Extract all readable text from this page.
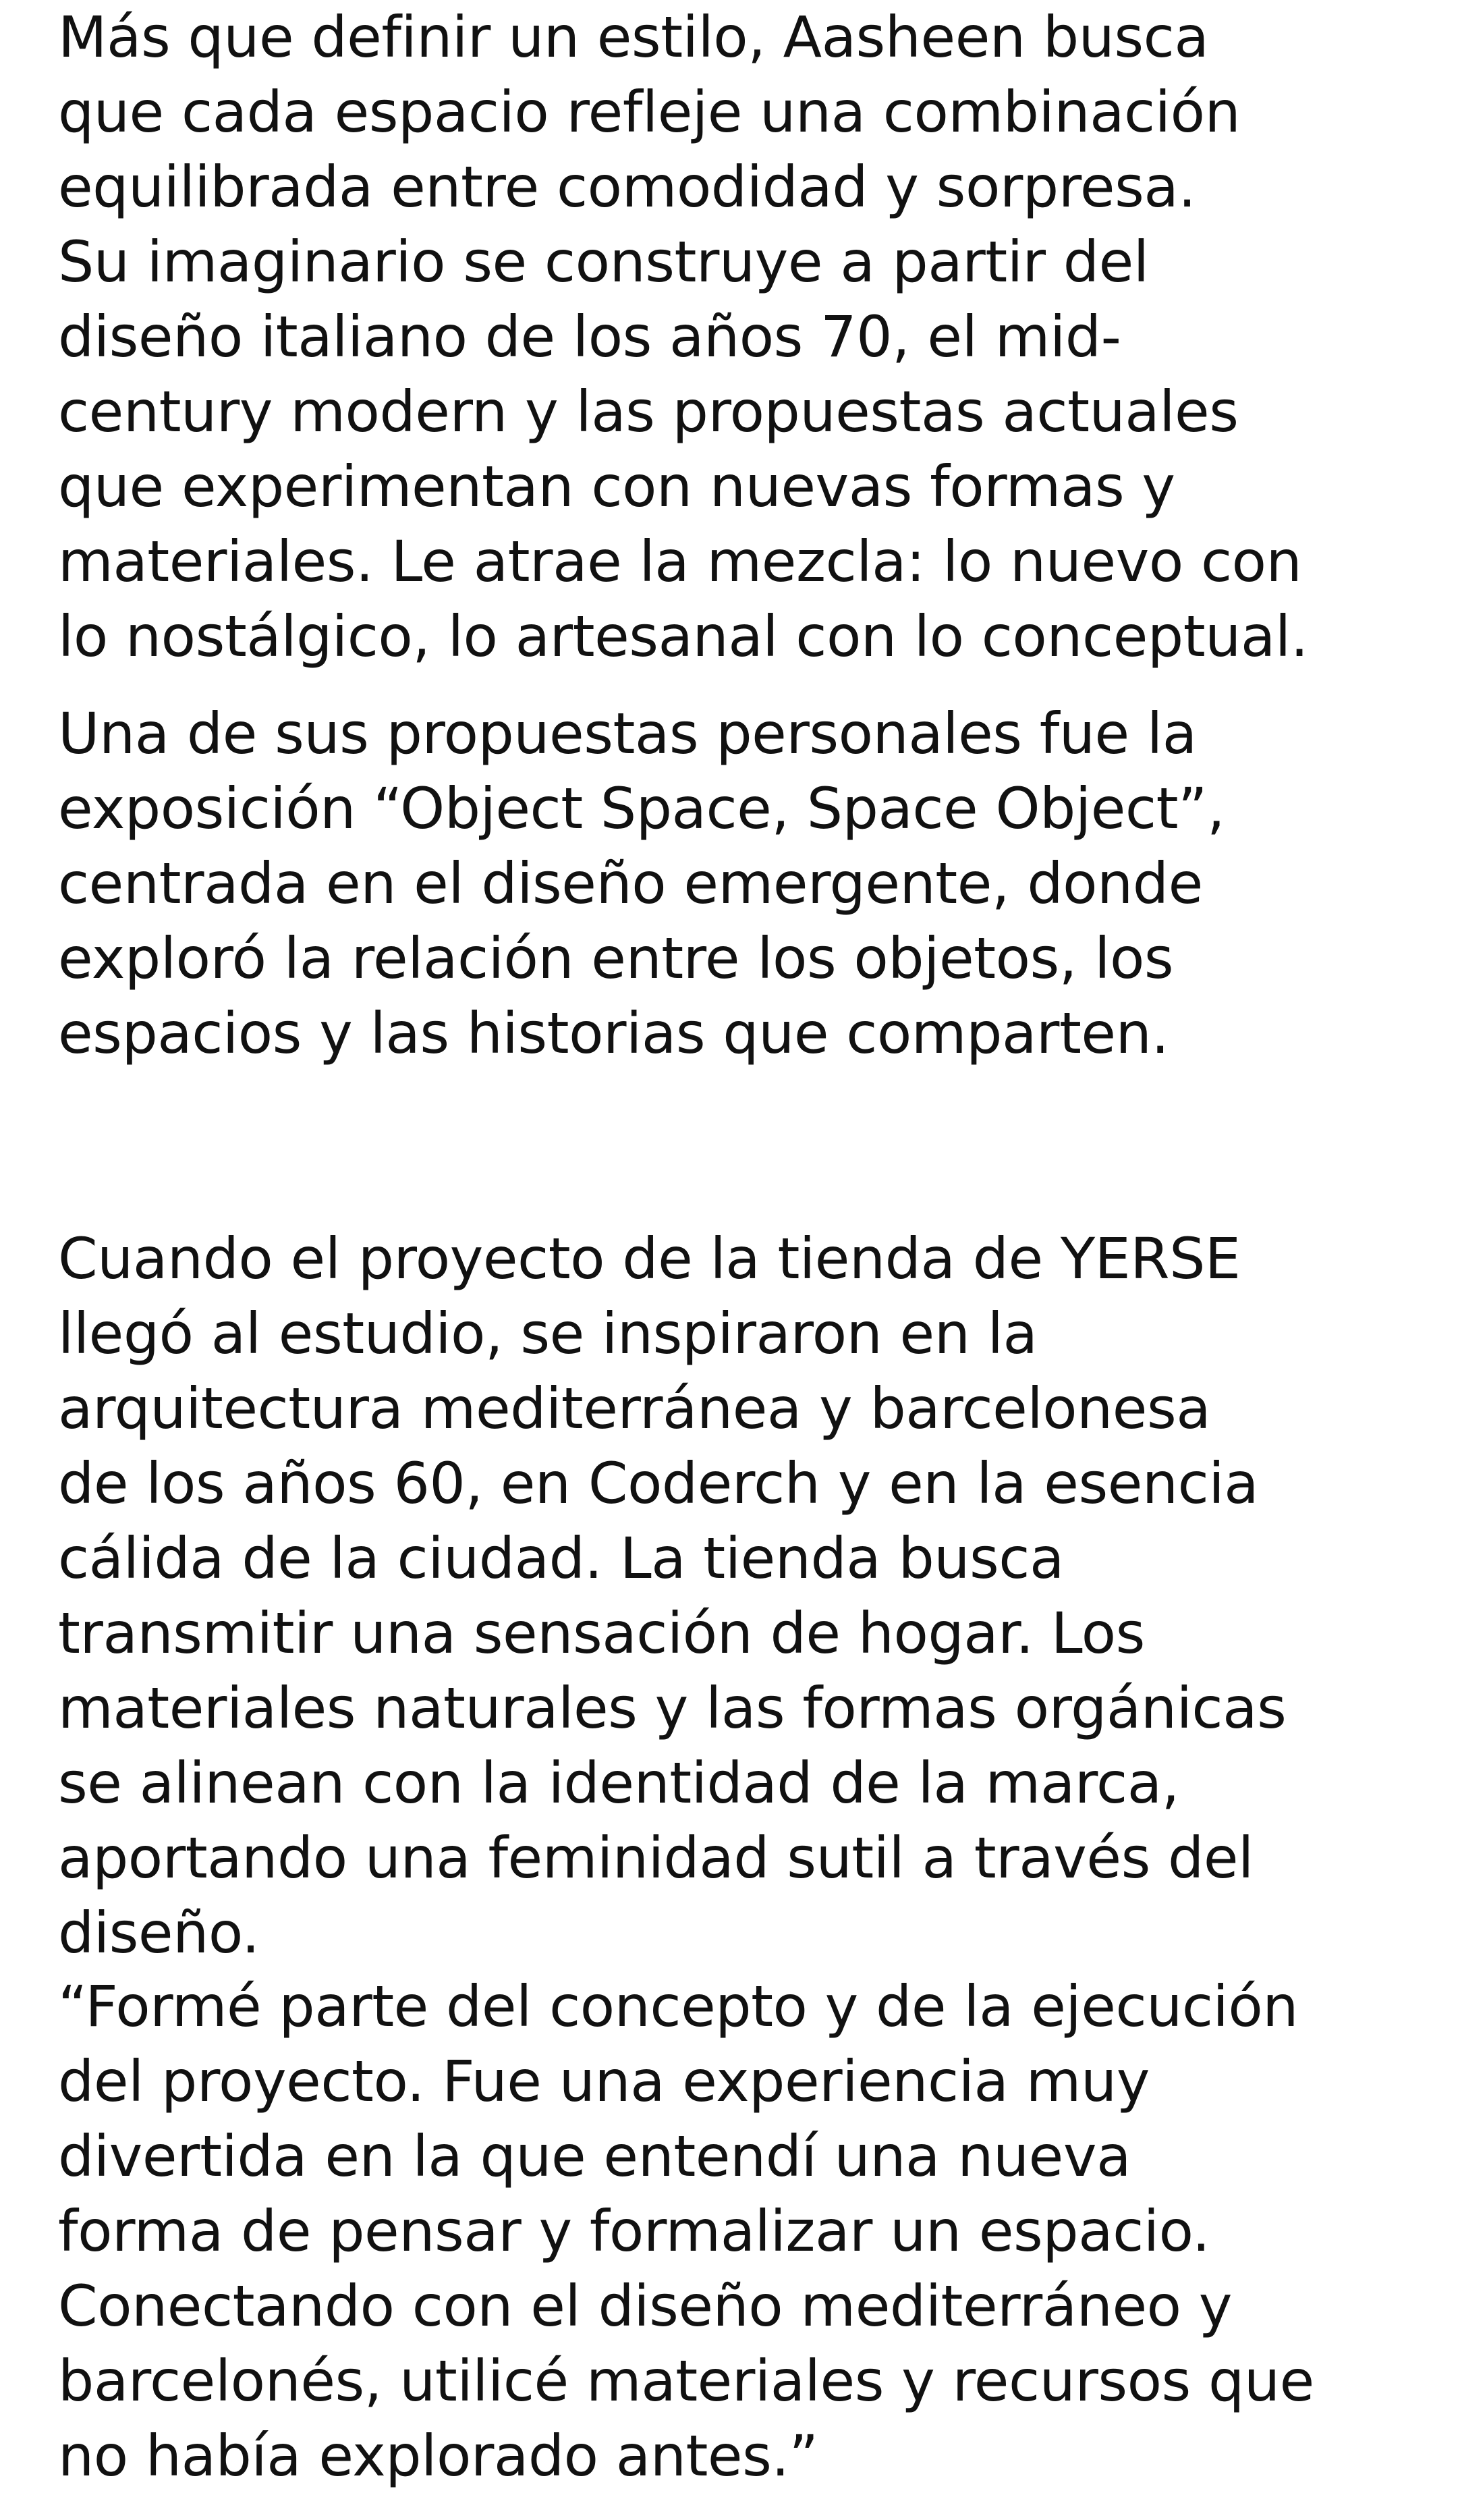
Más que definir un estilo, Aasheen busca
que cada espacio refleje una combinación
equilibrada entre comodidad y sorpresa.
Su imaginario se construye a partir del
diseño italiano de los años 70, el mid-
century modern y las propuestas actuales
que experimentan con nuevas formas y
materiales. Le atrae la mezcla: lo nuevo con
lo nostálgico, lo artesanal con lo conceptual.

Una de sus propuestas personales fue la
exposición “Object Space, Space Object”,
centrada en el diseño emergente, donde
exploró la relación entre los objetos, los
espacios y las historias que comparten.

Cuando el proyecto de la tienda de YERSE
llegó al estudio, se inspiraron en la
arquitectura mediterránea y barcelonesa
de los años 60, en Coderch y en la esencia
cálida de la ciudad. La tienda busca
transmitir una sensación de hogar. Los
materiales naturales y las formas orgánicas
se alinean con la identidad de la marca,
aportando una feminidad sutil a través del
diseño.

“Formé parte del concepto y de la ejecución
del proyecto. Fue una experiencia muy
divertida en la que entendí una nueva
forma de pensar y formalizar un espacio.
Conectando con el diseño mediterráneo y
barcelonés, utilicé materiales y recursos que
no había explorado antes.”
